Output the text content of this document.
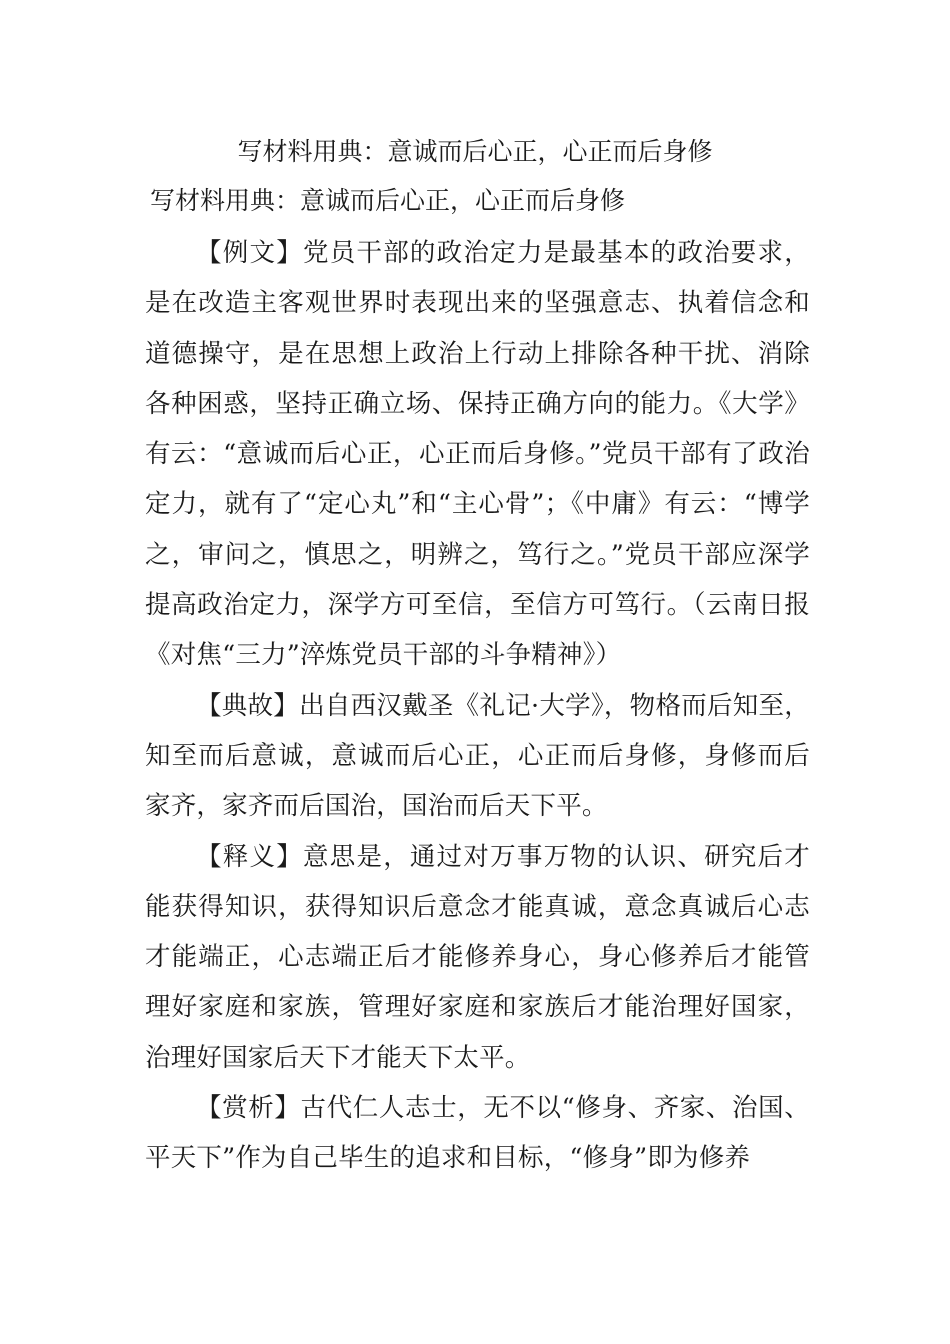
写材料用典：意诚而后心正，心正而后身修
写材料用典：意诚而后心正，心正而后身修

【例文】党员干部的政治定力是最基本的政治要求，是在改造主客观世界时表现出来的坚强意志、执着信念和道德操守，是在思想上政治上行动上排除各种干扰、消除各种困惑，坚持正确立场、保持正确方向的能力。《大学》有云：“意诚而后心正，心正而后身修。”党员干部有了政治定力，就有了“定心丸”和“主心骨”；《中庸》有云：“博学之，审问之，慎思之，明辨之，笃行之。”党员干部应深学提高政治定力，深学方可至信，至信方可笃行。（云南日报《对焦“三力”淬炼党员干部的斗争精神》）

【典故】出自西汉戴圣《礼记·大学》，物格而后知至，知至而后意诚，意诚而后心正，心正而后身修，身修而后家齐，家齐而后国治，国治而后天下平。

【释义】意思是，通过对万事万物的认识、研究后才能获得知识，获得知识后意念才能真诚，意念真诚后心志才能端正，心志端正后才能修养身心，身心修养后才能管理好家庭和家族，管理好家庭和家族后才能治理好国家，治理好国家后天下才能天下太平。

【赏析】古代仁人志士，无不以“修身、齐家、治国、平天下”作为自己毕生的追求和目标，“修身”即为修养
